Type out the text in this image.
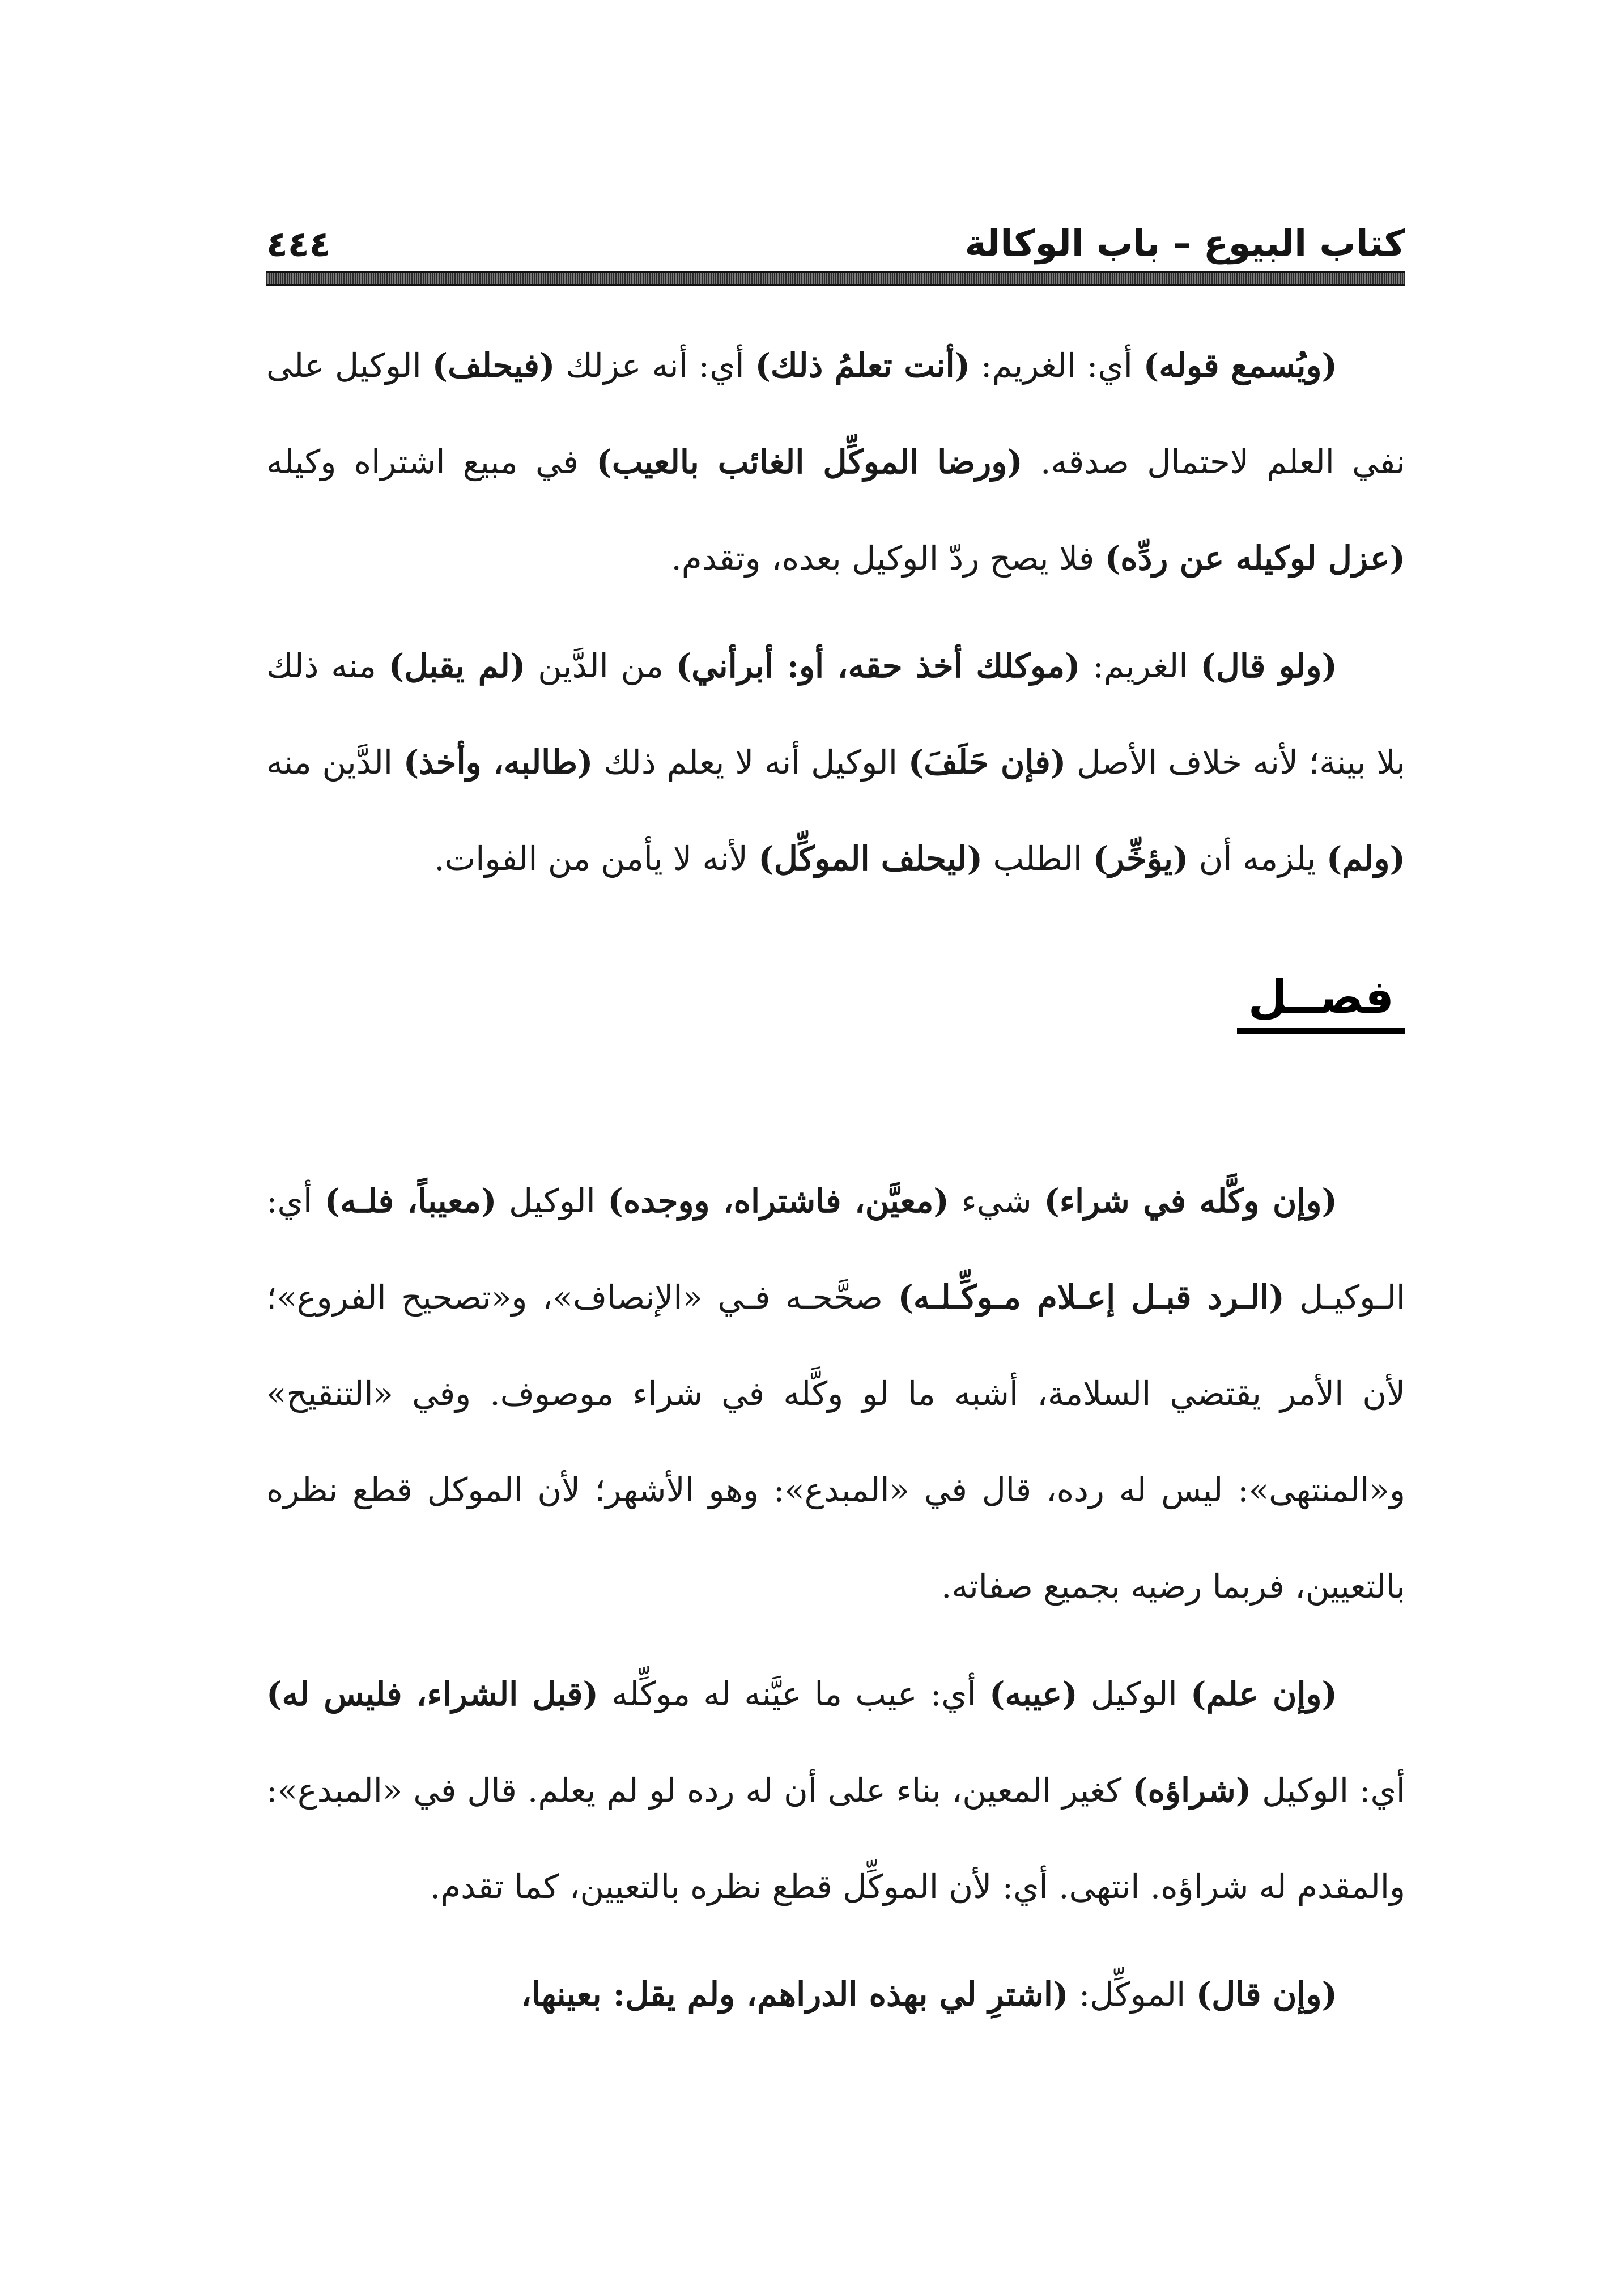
كتاب البيوع – باب الوكالة
٤٤٤

(ويُسمع قوله) أي: الغريم: (أنت تعلمُ ذلك) أي: أنه عزلك (فيحلف) الوكيل على نفي العلم لاحتمال صدقه. (ورضا الموكِّل الغائب بالعيب) في مبيع اشتراه وكيله (عزل لوكيله عن ردِّه) فلا يصح ردّ الوكيل بعده، وتقدم.

(ولو قال) الغريم: (موكلك أخذ حقه، أو: أبرأني) من الدَّين (لم يقبل) منه ذلك بلا بينة؛ لأنه خلاف الأصل (فإن حَلَفَ) الوكيل أنه لا يعلم ذلك (طالبه، وأخذ) الدَّين منه (ولم) يلزمه أن (يؤخِّر) الطلب (ليحلف الموكِّل) لأنه لا يأمن من الفوات.

فصــل

(وإن وكَّله في شراء) شيء (معيَّن، فاشتراه، ووجده) الوكيل (معيباً، فلـه) أي: الـوكيـل (الـرد قبـل إعـلام مـوكِّـلـه) صحَّحـه فـي «الإنصاف»، و«تصحيح الفروع»؛ لأن الأمر يقتضي السلامة، أشبه ما لو وكَّله في شراء موصوف. وفي «التنقيح» و«المنتهى»: ليس له رده، قال في «المبدع»: وهو الأشهر؛ لأن الموكل قطع نظره بالتعيين، فربما رضيه بجميع صفاته.

(وإن علم) الوكيل (عيبه) أي: عيب ما عيَّنه له موكِّله (قبل الشراء، فليس له) أي: الوكيل (شراؤه) كغير المعين، بناء على أن له رده لو لم يعلم. قال في «المبدع»: والمقدم له شراؤه. انتهى. أي: لأن الموكِّل قطع نظره بالتعيين، كما تقدم.

(وإن قال) الموكِّل: (اشترِ لي بهذه الدراهم، ولم يقل: بعينها،
